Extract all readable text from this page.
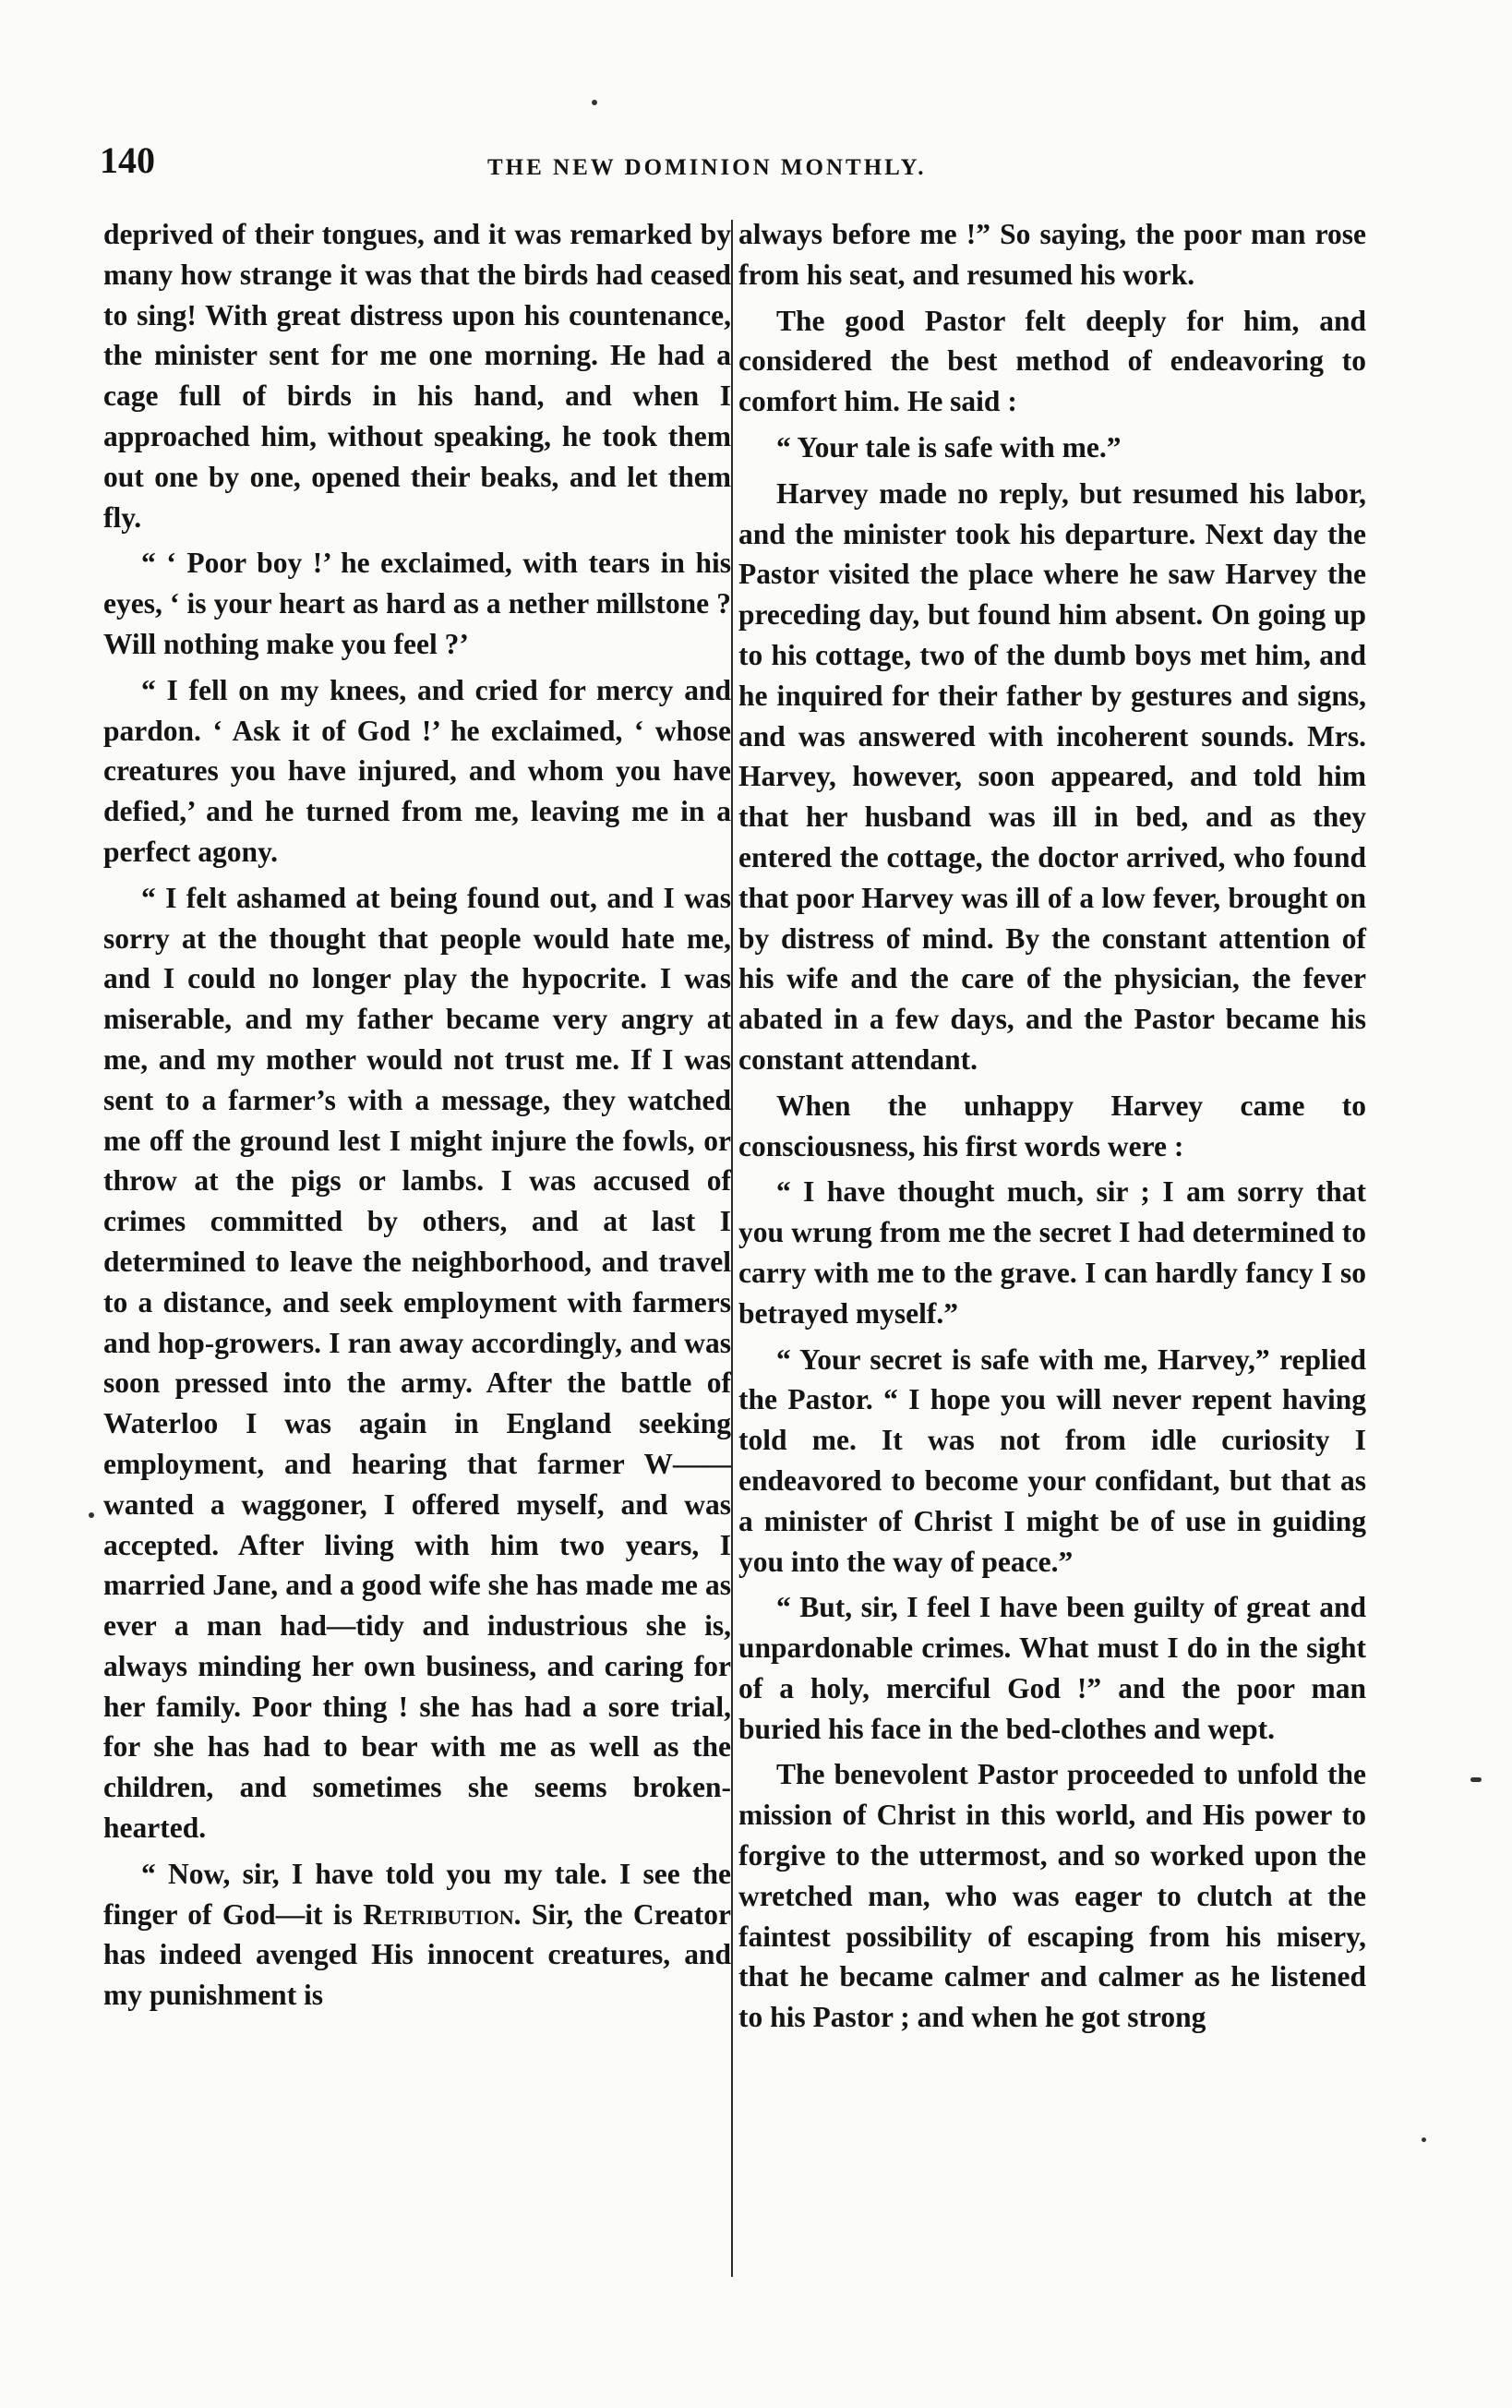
140	THE NEW DOMINION MONTHLY.

deprived of their tongues, and it was remarked by many how strange it was that the birds had ceased to sing! With great distress upon his countenance, the minister sent for me one morning. He had a cage full of birds in his hand, and when I approached him, without speaking, he took them out one by one, opened their beaks, and let them fly.

“ ‘ Poor boy !’ he exclaimed, with tears in his eyes, ‘ is your heart as hard as a nether millstone ? Will nothing make you feel ?’

“ I fell on my knees, and cried for mercy and pardon. ‘ Ask it of God !’ he exclaimed, ‘ whose creatures you have injured, and whom you have defied,’ and he turned from me, leaving me in a perfect agony.

“ I felt ashamed at being found out, and I was sorry at the thought that people would hate me, and I could no longer play the hypocrite. I was miserable, and my father became very angry at me, and my mother would not trust me. If I was sent to a farmer’s with a message, they watched me off the ground lest I might injure the fowls, or throw at the pigs or lambs. I was accused of crimes committed by others, and at last I determined to leave the neighborhood, and travel to a distance, and seek employment with farmers and hop-growers. I ran away accordingly, and was soon pressed into the army. After the battle of Waterloo I was again in England seeking employment, and hearing that farmer W—— wanted a waggoner, I offered myself, and was accepted. After living with him two years, I married Jane, and a good wife she has made me as ever a man had—tidy and industrious she is, always minding her own business, and caring for her family. Poor thing ! she has had a sore trial, for she has had to bear with me as well as the children, and sometimes she seems broken-hearted.

“ Now, sir, I have told you my tale. I see the finger of God—it is Retribution. Sir, the Creator has indeed avenged His innocent creatures, and my punishment is

always before me !” So saying, the poor man rose from his seat, and resumed his work.

The good Pastor felt deeply for him, and considered the best method of endeavoring to comfort him. He said :

“ Your tale is safe with me.”

Harvey made no reply, but resumed his labor, and the minister took his departure. Next day the Pastor visited the place where he saw Harvey the preceding day, but found him absent. On going up to his cottage, two of the dumb boys met him, and he inquired for their father by gestures and signs, and was answered with incoherent sounds. Mrs. Harvey, however, soon appeared, and told him that her husband was ill in bed, and as they entered the cottage, the doctor arrived, who found that poor Harvey was ill of a low fever, brought on by distress of mind. By the constant attention of his wife and the care of the physician, the fever abated in a few days, and the Pastor became his constant attendant.

When the unhappy Harvey came to consciousness, his first words were :

“ I have thought much, sir ; I am sorry that you wrung from me the secret I had determined to carry with me to the grave. I can hardly fancy I so betrayed myself.”

“ Your secret is safe with me, Harvey,” replied the Pastor. “ I hope you will never repent having told me. It was not from idle curiosity I endeavored to become your confidant, but that as a minister of Christ I might be of use in guiding you into the way of peace.”

“ But, sir, I feel I have been guilty of great and unpardonable crimes. What must I do in the sight of a holy, merciful God !” and the poor man buried his face in the bed-clothes and wept.

The benevolent Pastor proceeded to unfold the mission of Christ in this world, and His power to forgive to the uttermost, and so worked upon the wretched man, who was eager to clutch at the faintest possibility of escaping from his misery, that he became calmer and calmer as he listened to his Pastor ; and when he got strong
